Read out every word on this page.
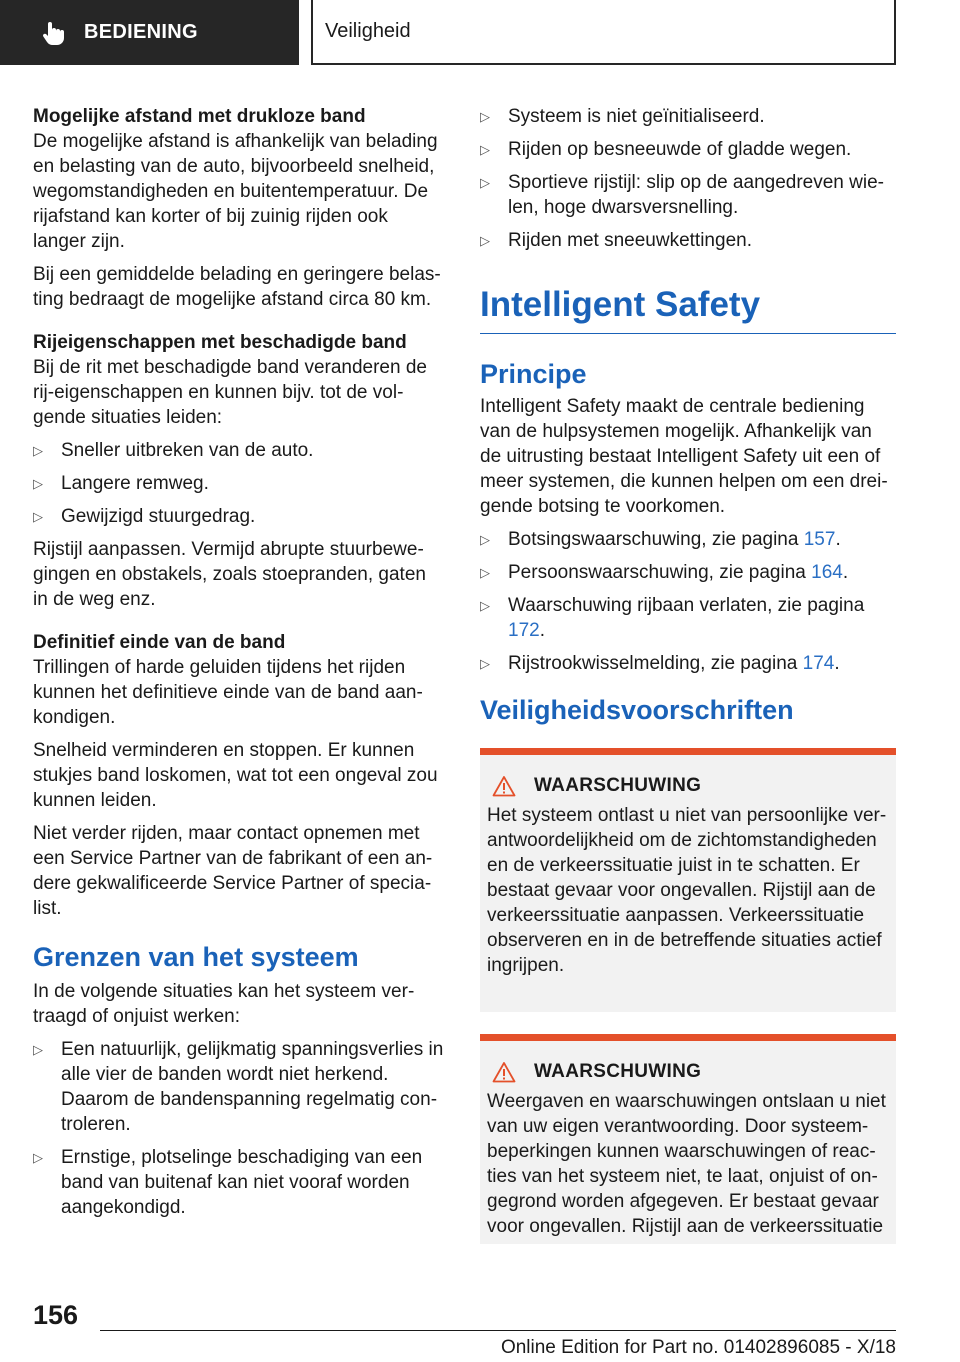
BEDIENING	Veiligheid
Mogelijke afstand met drukloze band

De mogelijke afstand is afhankelijk van belading en belasting van de auto, bijvoorbeeld snelheid, wegomstandigheden en buitentemperatuur. De rijafstand kan korter of bij zuinig rijden ook langer zijn.

Bij een gemiddelde belading en geringere belasting bedraagt de mogelijke afstand circa 80 km.

Rijeigenschappen met beschadigde band

Bij de rit met beschadigde band veranderen de rij-eigenschappen en kunnen bijv. tot de volgende situaties leiden:

▷ Sneller uitbreken van de auto.
▷ Langere remweg.
▷ Gewijzigd stuurgedrag.

Rijstijl aanpassen. Vermijd abrupte stuurbewegingen en obstakels, zoals stoepranden, gaten in de weg enz.

Definitief einde van de band

Trillingen of harde geluiden tijdens het rijden kunnen het definitieve einde van de band aankondigen.

Snelheid verminderen en stoppen. Er kunnen stukjes band loskomen, wat tot een ongeval zou kunnen leiden.

Niet verder rijden, maar contact opnemen met een Service Partner van de fabrikant of een andere gekwalificeerde Service Partner of specialist.

Grenzen van het systeem

In de volgende situaties kan het systeem vertraagd of onjuist werken:

▷ Een natuurlijk, gelijkmatig spanningsverlies in alle vier de banden wordt niet herkend. Daarom de bandenspanning regelmatig controleren.
▷ Ernstige, plotselinge beschadiging van een band van buitenaf kan niet vooraf worden aangekondigd.
▷ Systeem is niet geïnitialiseerd.
▷ Rijden op besneeuwde of gladde wegen.
▷ Sportieve rijstijl: slip op de aangedreven wielen, hoge dwarsversnelling.
▷ Rijden met sneeuwkettingen.
Intelligent Safety
Principe

Intelligent Safety maakt de centrale bediening van de hulpsystemen mogelijk. Afhankelijk van de uitrusting bestaat Intelligent Safety uit een of meer systemen, die kunnen helpen om een dreigende botsing te voorkomen.

▷ Botsingswaarschuwing, zie pagina 157.
▷ Persoonswaarschuwing, zie pagina 164.
▷ Waarschuwing rijbaan verlaten, zie pagina 172.
▷ Rijstrookwisselmelding, zie pagina 174.
Veiligheidsvoorschriften
WAARSCHUWING

Het systeem ontlast u niet van persoonlijke verantwoordelijkheid om de zichtomstandigheden en de verkeerssituatie juist in te schatten. Er bestaat gevaar voor ongevallen. Rijstijl aan de verkeerssituatie aanpassen. Verkeerssituatie observeren en in de betreffende situaties actief ingrijpen.

WAARSCHUWING

Weergaven en waarschuwingen ontslaan u niet van uw eigen verantwoording. Door systeembeperkingen kunnen waarschuwingen of reacties van het systeem niet, te laat, onjuist of ongegrond worden afgegeven. Er bestaat gevaar voor ongevallen. Rijstijl aan de verkeerssituatie

156
Online Edition for Part no. 01402896085 - X/18
